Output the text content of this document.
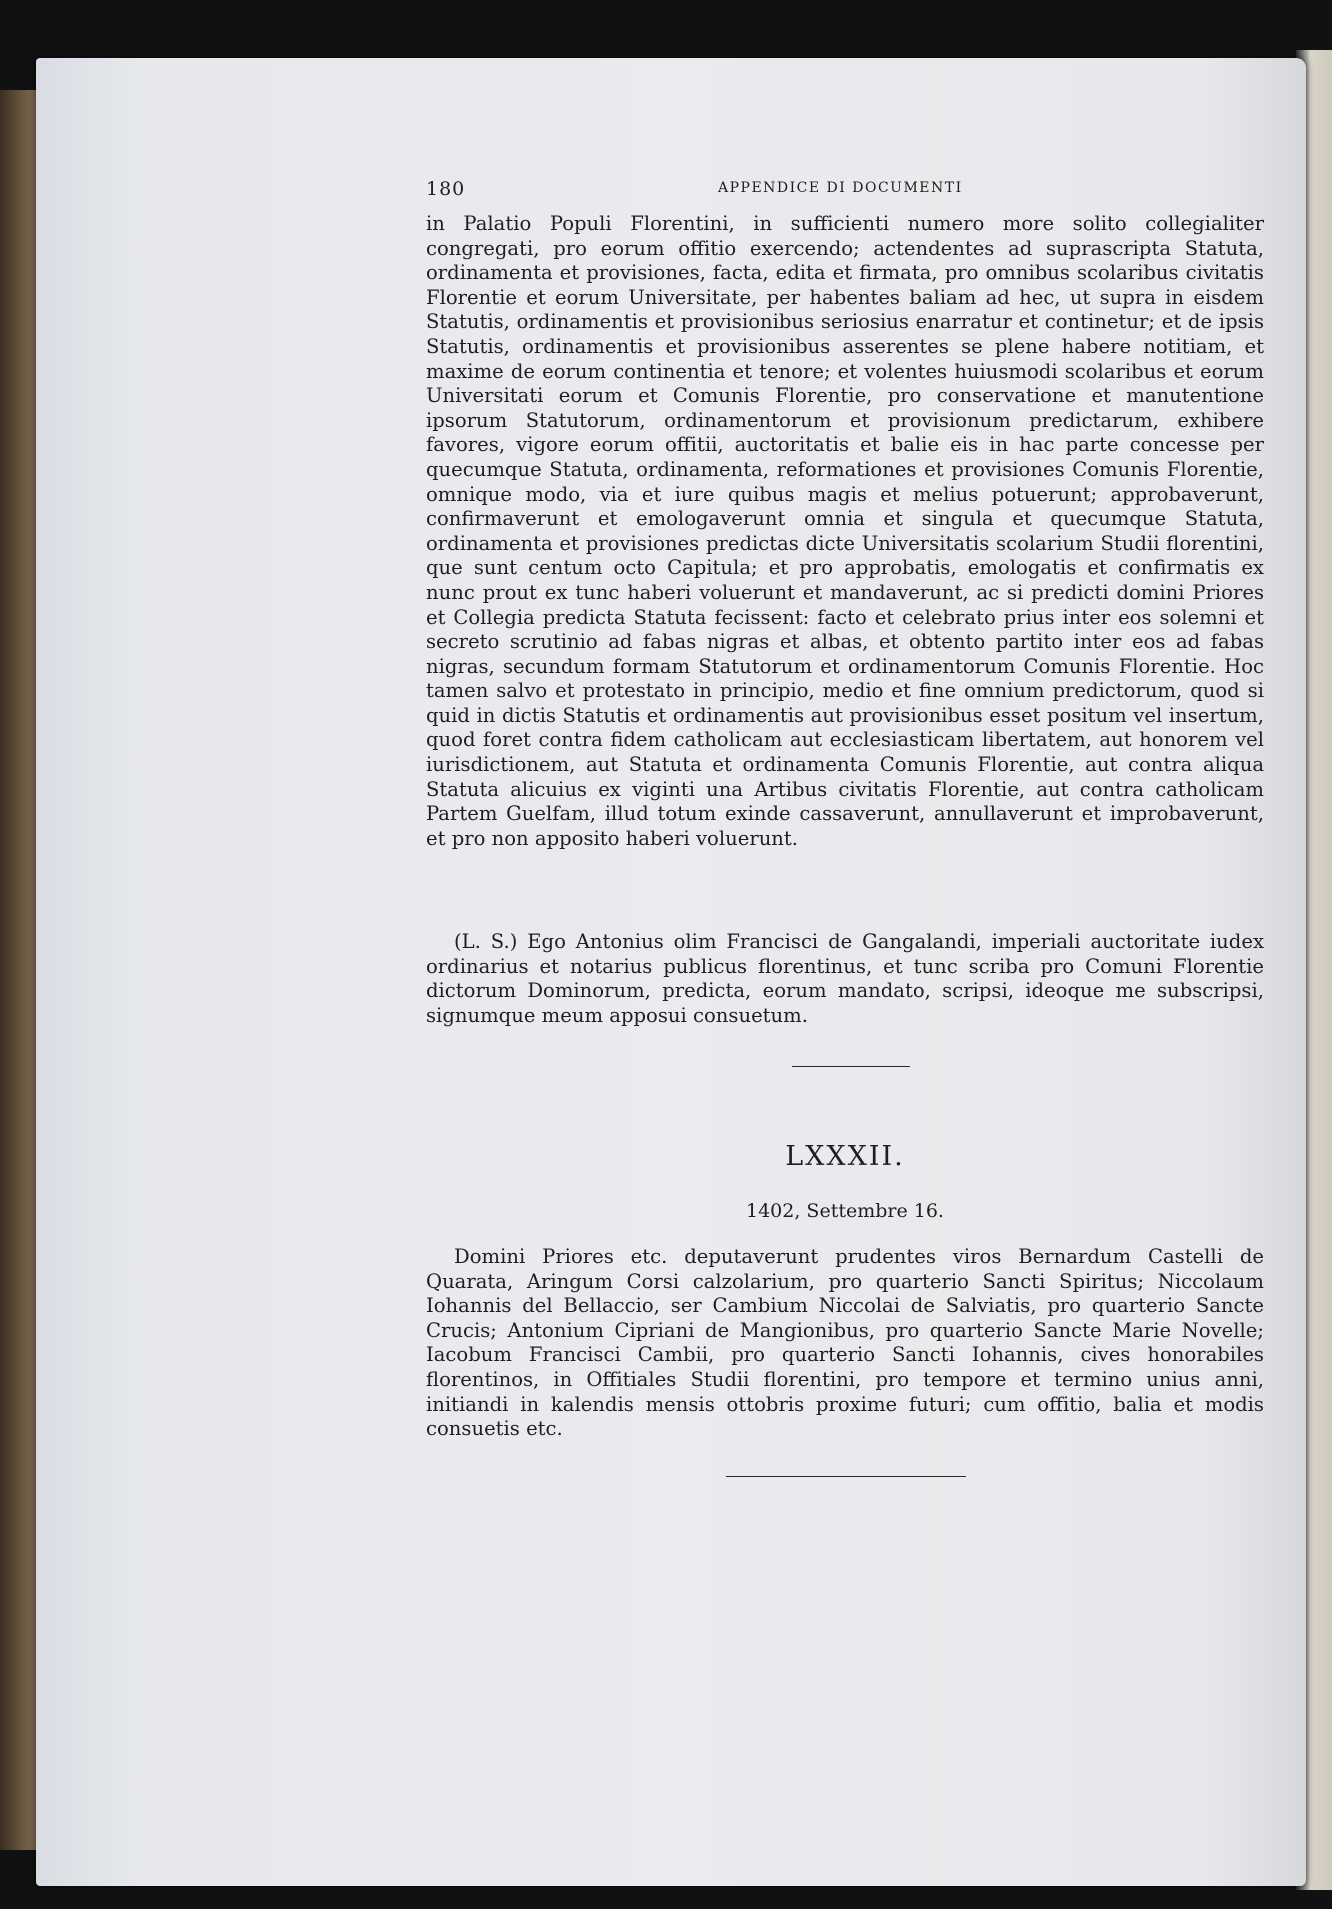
180	APPENDICE DI DOCUMENTI

in Palatio Populi Florentini, in sufficienti numero more solito collegialiter congregati, pro eorum offitio exercendo; actendentes ad suprascripta Statuta, ordinamenta et provisiones, facta, edita et firmata, pro omnibus scolaribus civitatis Florentie et eorum Universitate, per habentes baliam ad hec, ut supra in eisdem Statutis, ordinamentis et provisionibus seriosius enarratur et continetur; et de ipsis Statutis, ordinamentis et provisionibus asserentes se plene habere notitiam, et maxime de eorum continentia et tenore; et volentes huiusmodi scolaribus et eorum Universitati eorum et Comunis Florentie, pro conservatione et manutentione ipsorum Statutorum, ordinamentorum et provisionum predictarum, exhibere favores, vigore eorum offitii, auctoritatis et balie eis in hac parte concesse per quecumque Statuta, ordinamenta, reformationes et provisiones Comunis Florentie, omnique modo, via et iure quibus magis et melius potuerunt; approbaverunt, confirmaverunt et emologaverunt omnia et singula et quecumque Statuta, ordinamenta et provisiones predictas dicte Universitatis scolarium Studii florentini, que sunt centum octo Capitula; et pro approbatis, emologatis et confirmatis ex nunc prout ex tunc haberi voluerunt et mandaverunt, ac si predicti domini Priores et Collegia predicta Statuta fecissent: facto et celebrato prius inter eos solemni et secreto scrutinio ad fabas nigras et albas, et obtento partito inter eos ad fabas nigras, secundum formam Statutorum et ordinamentorum Comunis Florentie. Hoc tamen salvo et protestato in principio, medio et fine omnium predictorum, quod si quid in dictis Statutis et ordinamentis aut provisionibus esset positum vel insertum, quod foret contra fidem catholicam aut ecclesiasticam libertatem, aut honorem vel iurisdictionem, aut Statuta et ordinamenta Comunis Florentie, aut contra aliqua Statuta alicuius ex viginti una Artibus civitatis Florentie, aut contra catholicam Partem Guelfam, illud totum exinde cassaverunt, annullaverunt et improbaverunt, et pro non apposito haberi voluerunt.

(L. S.) Ego Antonius olim Francisci de Gangalandi, imperiali auctoritate iudex ordinarius et notarius publicus florentinus, et tunc scriba pro Comuni Florentie dictorum Dominorum, predicta, eorum mandato, scripsi, ideoque me subscripsi, signumque meum apposui consuetum.

LXXXII.
1402, Settembre 16.

Domini Priores etc. deputaverunt prudentes viros Bernardum Castelli de Quarata, Aringum Corsi calzolarium, pro quarterio Sancti Spiritus; Niccolaum Iohannis del Bellaccio, ser Cambium Niccolai de Salviatis, pro quarterio Sancte Crucis; Antonium Cipriani de Mangionibus, pro quarterio Sancte Marie Novelle; Iacobum Francisci Cambii, pro quarterio Sancti Iohannis, cives honorabiles florentinos, in Offitiales Studii florentini, pro tempore et termino unius anni, initiandi in kalendis mensis ottobris proxime futuri; cum offitio, balia et modis consuetis etc.
